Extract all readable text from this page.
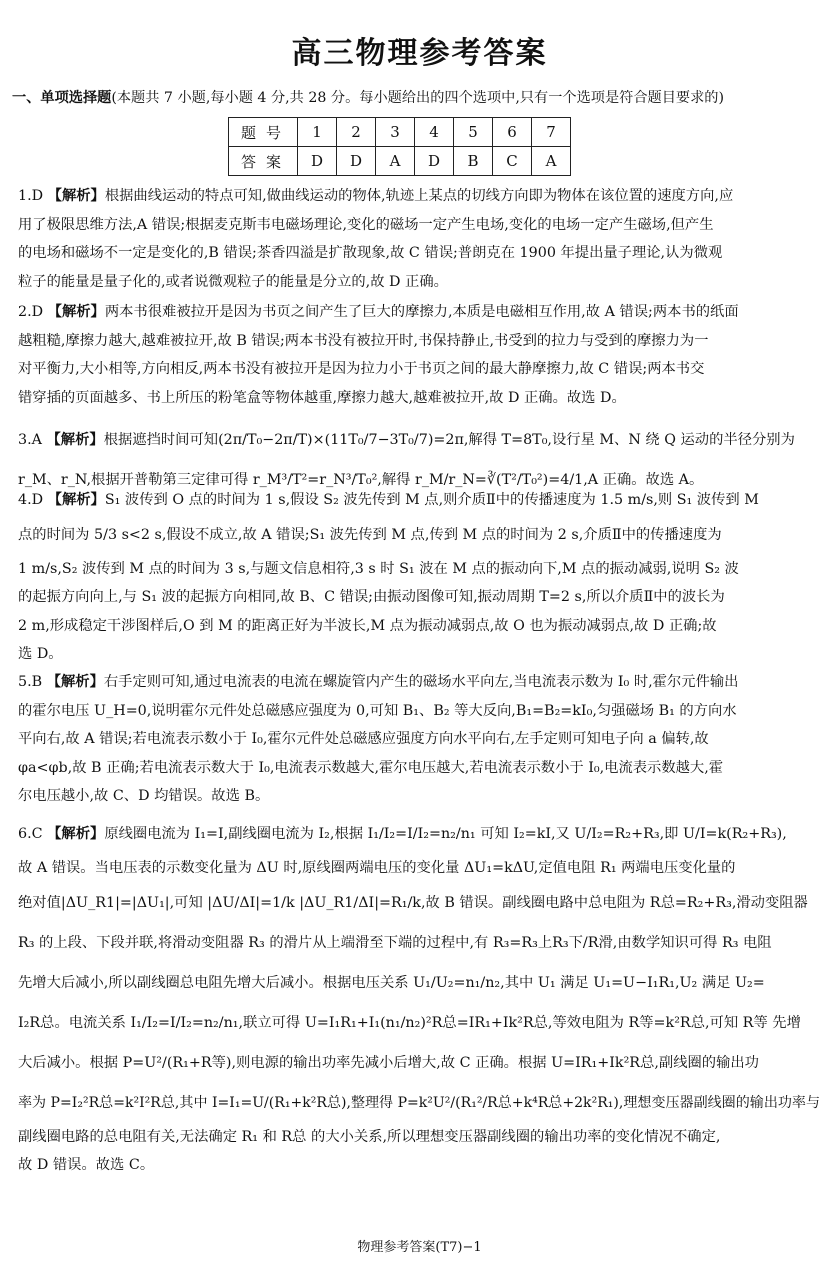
高三物理参考答案
一、单项选择题(本题共 7 小题,每小题 4 分,共 28 分。每小题给出的四个选项中,只有一个选项是符合题目要求的)
题号	1	2	3	4	5	6	7
答案	D	D	A	D	B	C	A
1.D 【解析】根据曲线运动的特点可知,做曲线运动的物体,轨迹上某点的切线方向即为物体在该位置的速度方向,应
用了极限思维方法,A 错误;根据麦克斯韦电磁场理论,变化的磁场一定产生电场,变化的电场一定产生磁场,但产生
的电场和磁场不一定是变化的,B 错误;茶香四溢是扩散现象,故 C 错误;普朗克在 1900 年提出量子理论,认为微观
粒子的能量是量子化的,或者说微观粒子的能量是分立的,故 D 正确。
2.D 【解析】两本书很难被拉开是因为书页之间产生了巨大的摩擦力,本质是电磁相互作用,故 A 错误;两本书的纸面
越粗糙,摩擦力越大,越难被拉开,故 B 错误;两本书没有被拉开时,书保持静止,书受到的拉力与受到的摩擦力为一
对平衡力,大小相等,方向相反,两本书没有被拉开是因为拉力小于书页之间的最大静摩擦力,故 C 错误;两本书交
错穿插的页面越多、书上所压的粉笔盒等物体越重,摩擦力越大,越难被拉开,故 D 正确。故选 D。
3.A 【解析】根据遮挡时间可知(2π/T₀−2π/T)×(11T₀/7−3T₀/7)=2π,解得 T=8T₀,设行星 M、N 绕 Q 运动的半径分别为
r_M、r_N,根据开普勒第三定律可得 r_M³/T²=r_N³/T₀²,解得 r_M/r_N=∛(T²/T₀²)=4/1,A 正确。故选 A。
4.D 【解析】S₁ 波传到 O 点的时间为 1 s,假设 S₂ 波先传到 M 点,则介质Ⅱ中的传播速度为 1.5 m/s,则 S₁ 波传到 M
点的时间为 5/3 s<2 s,假设不成立,故 A 错误;S₁ 波先传到 M 点,传到 M 点的时间为 2 s,介质Ⅱ中的传播速度为
1 m/s,S₂ 波传到 M 点的时间为 3 s,与题文信息相符,3 s 时 S₁ 波在 M 点的振动向下,M 点的振动减弱,说明 S₂ 波
的起振方向向上,与 S₁ 波的起振方向相同,故 B、C 错误;由振动图像可知,振动周期 T=2 s,所以介质Ⅱ中的波长为
2 m,形成稳定干涉图样后,O 到 M 的距离正好为半波长,M 点为振动减弱点,故 O 也为振动减弱点,故 D 正确;故
选 D。
5.B 【解析】右手定则可知,通过电流表的电流在螺旋管内产生的磁场水平向左,当电流表示数为 I₀ 时,霍尔元件输出
的霍尔电压 U_H=0,说明霍尔元件处总磁感应强度为 0,可知 B₁、B₂ 等大反向,B₁=B₂=kI₀,匀强磁场 B₁ 的方向水
平向右,故 A 错误;若电流表示数小于 I₀,霍尔元件处总磁感应强度方向水平向右,左手定则可知电子向 a 偏转,故
φa<φb,故 B 正确;若电流表示数大于 I₀,电流表示数越大,霍尔电压越大,若电流表示数小于 I₀,电流表示数越大,霍
尔电压越小,故 C、D 均错误。故选 B。
6.C 【解析】原线圈电流为 I₁=I,副线圈电流为 I₂,根据 I₁/I₂=I/I₂=n₂/n₁ 可知 I₂=kI,又 U/I₂=R₂+R₃,即 U/I=k(R₂+R₃),
故 A 错误。当电压表的示数变化量为 ΔU 时,原线圈两端电压的变化量 ΔU₁=kΔU,定值电阻 R₁ 两端电压变化量的
绝对值|ΔU_R1|=|ΔU₁|,可知 |ΔU/ΔI|=1/k |ΔU_R1/ΔI|=R₁/k,故 B 错误。副线圈电路中总电阻为 R总=R₂+R₃,滑动变阻器
R₃ 的上段、下段并联,将滑动变阻器 R₃ 的滑片从上端滑至下端的过程中,有 R₃=R₃上R₃下/R滑,由数学知识可得 R₃ 电阻
先增大后减小,所以副线圈总电阻先增大后减小。根据电压关系 U₁/U₂=n₁/n₂,其中 U₁ 满足 U₁=U−I₁R₁,U₂ 满足 U₂=
I₂R总。电流关系 I₁/I₂=I/I₂=n₂/n₁,联立可得 U=I₁R₁+I₁(n₁/n₂)²R总=IR₁+Ik²R总,等效电阻为 R等=k²R总,可知 R等 先增
大后减小。根据 P=U²/(R₁+R等),则电源的输出功率先减小后增大,故 C 正确。根据 U=IR₁+Ik²R总,副线圈的输出功
率为 P=I₂²R总=k²I²R总,其中 I=I₁=U/(R₁+k²R总),整理得 P=k²U²/(R₁²/R总+k⁴R总+2k²R₁),理想变压器副线圈的输出功率与
副线圈电路的总电阻有关,无法确定 R₁ 和 R总 的大小关系,所以理想变压器副线圈的输出功率的变化情况不确定,
故 D 错误。故选 C。
物理参考答案(T7)−1
